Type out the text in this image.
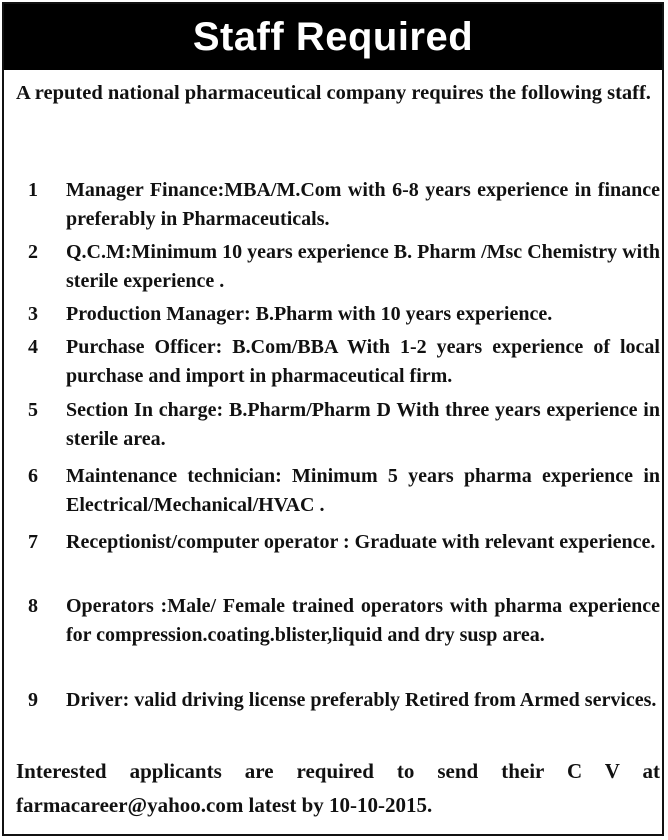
Staff Required
A reputed national pharmaceutical company requires the following staff.
1 Manager Finance:MBA/M.Com with 6-8 years experience in finance preferably in Pharmaceuticals.
2 Q.C.M:Minimum 10 years experience B. Pharm /Msc Chemistry with sterile experience .
3 Production Manager: B.Pharm with 10 years experience.
4 Purchase Officer: B.Com/BBA With 1-2 years experience of local purchase and import in pharmaceutical firm.
5 Section In charge: B.Pharm/Pharm D With three years experience in sterile area.
6 Maintenance technician: Minimum 5 years pharma experience in Electrical/Mechanical/HVAC .
7 Receptionist/computer operator : Graduate with relevant experience.
8 Operators :Male/ Female trained operators with pharma experience for compression.coating.blister,liquid and dry susp area.
9 Driver: valid driving license preferably Retired from Armed services.
Interested applicants are required to send their C V at farmacareer@yahoo.com latest by 10-10-2015.
